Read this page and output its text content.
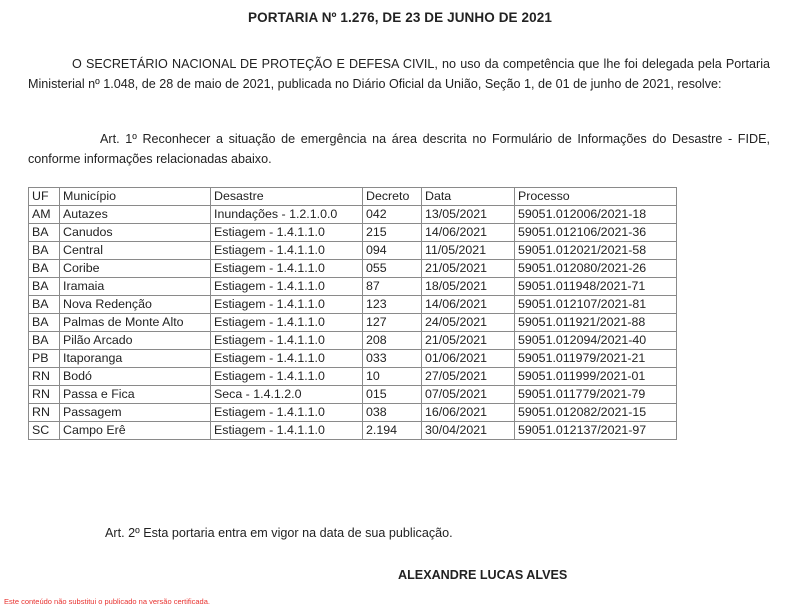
PORTARIA Nº 1.276, DE 23 DE JUNHO DE 2021

O SECRETÁRIO NACIONAL DE PROTEÇÃO E DEFESA CIVIL, no uso da competência que lhe foi delegada pela Portaria Ministerial nº 1.048, de 28 de maio de 2021, publicada no Diário Oficial da União, Seção 1, de 01 de junho de 2021, resolve:

Art. 1º Reconhecer a situação de emergência na área descrita no Formulário de Informações do Desastre - FIDE, conforme informações relacionadas abaixo.

UF	Município	Desastre	Decreto	Data	Processo
AM	Autazes	Inundações - 1.2.1.0.0	042	13/05/2021	59051.012006/2021-18
BA	Canudos	Estiagem - 1.4.1.1.0	215	14/06/2021	59051.012106/2021-36
BA	Central	Estiagem - 1.4.1.1.0	094	11/05/2021	59051.012021/2021-58
BA	Coribe	Estiagem - 1.4.1.1.0	055	21/05/2021	59051.012080/2021-26
BA	Iramaia	Estiagem - 1.4.1.1.0	87	18/05/2021	59051.011948/2021-71
BA	Nova Redenção	Estiagem - 1.4.1.1.0	123	14/06/2021	59051.012107/2021-81
BA	Palmas de Monte Alto	Estiagem - 1.4.1.1.0	127	24/05/2021	59051.011921/2021-88
BA	Pilão Arcado	Estiagem - 1.4.1.1.0	208	21/05/2021	59051.012094/2021-40
PB	Itaporanga	Estiagem - 1.4.1.1.0	033	01/06/2021	59051.011979/2021-21
RN	Bodó	Estiagem - 1.4.1.1.0	10	27/05/2021	59051.011999/2021-01
RN	Passa e Fica	Seca - 1.4.1.2.0	015	07/05/2021	59051.011779/2021-79
RN	Passagem	Estiagem - 1.4.1.1.0	038	16/06/2021	59051.012082/2021-15
SC	Campo Erê	Estiagem - 1.4.1.1.0	2.194	30/04/2021	59051.012137/2021-97

Art. 2º Esta portaria entra em vigor na data de sua publicação.

ALEXANDRE LUCAS ALVES
Este conteúdo não substitui o publicado na versão certificada.
